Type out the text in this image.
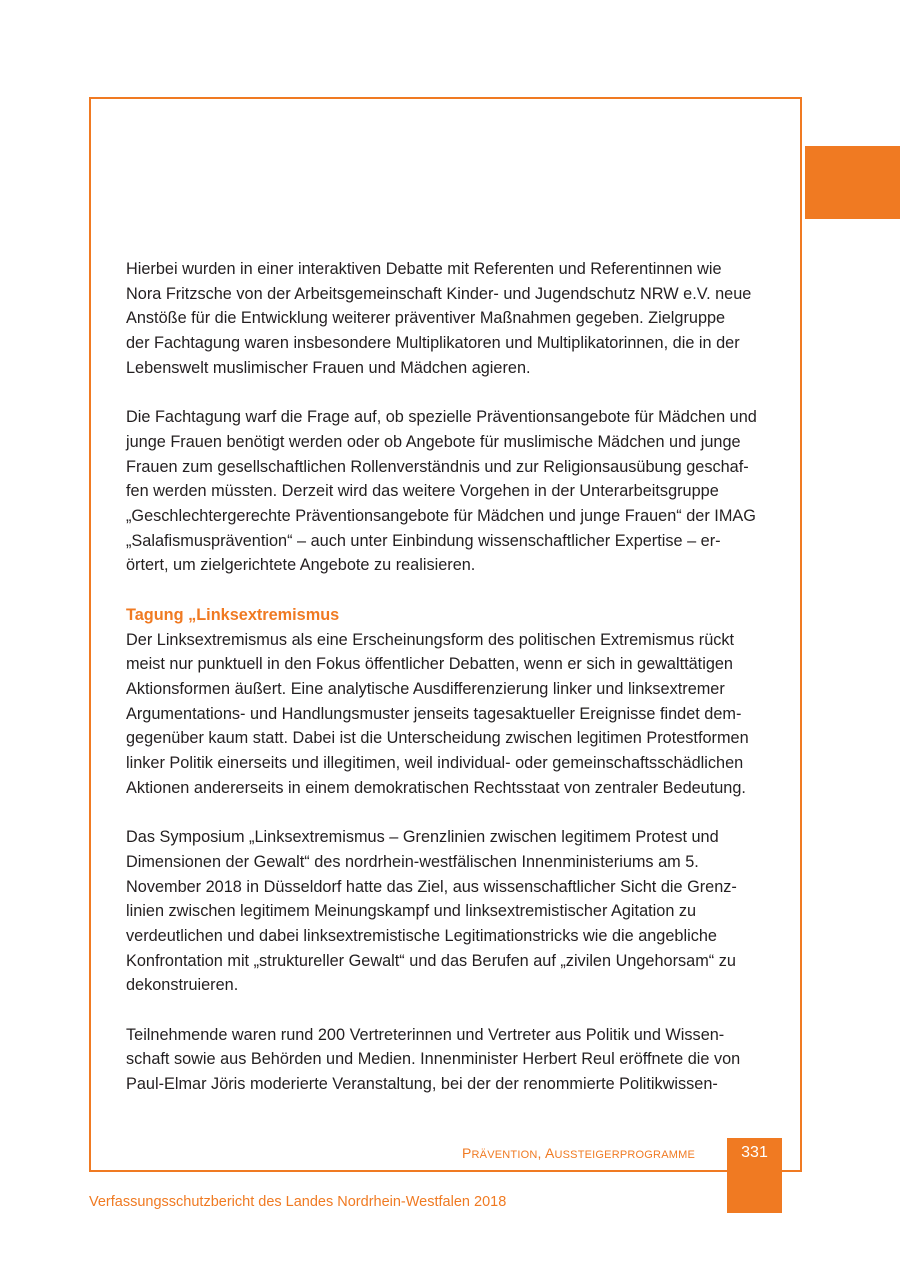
Hierbei wurden in einer interaktiven Debatte mit Referenten und Referentinnen wie
Nora Fritzsche von der Arbeitsgemeinschaft Kinder- und Jugendschutz NRW e.V. neue
Anstöße für die Entwicklung weiterer präventiver Maßnahmen gegeben. Zielgruppe
der Fachtagung waren insbesondere Multiplikatoren und Multiplikatorinnen, die in der
Lebenswelt muslimischer Frauen und Mädchen agieren.

Die Fachtagung warf die Frage auf, ob spezielle Präventionsangebote für Mädchen und
junge Frauen benötigt werden oder ob Angebote für muslimische Mädchen und junge
Frauen zum gesellschaftlichen Rollenverständnis und zur Religionsausübung geschaf-
fen werden müssten. Derzeit wird das weitere Vorgehen in der Unterarbeitsgruppe
„Geschlechtergerechte Präventionsangebote für Mädchen und junge Frauen“ der IMAG
„Salafismusprävention“ – auch unter Einbindung wissenschaftlicher Expertise – er-
örtert, um zielgerichtete Angebote zu realisieren.

Tagung „Linksextremismus
Der Linksextremismus als eine Erscheinungsform des politischen Extremismus rückt
meist nur punktuell in den Fokus öffentlicher Debatten, wenn er sich in gewalttätigen
Aktionsformen äußert. Eine analytische Ausdifferenzierung linker und linksextremer
Argumentations- und Handlungsmuster jenseits tagesaktueller Ereignisse findet dem-
gegenüber kaum statt. Dabei ist die Unterscheidung zwischen legitimen Protestformen
linker Politik einerseits und illegitimen, weil individual- oder gemeinschaftsschädlichen
Aktionen andererseits in einem demokratischen Rechtsstaat von zentraler Bedeutung.

Das Symposium „Linksextremismus – Grenzlinien zwischen legitimem Protest und
Dimensionen der Gewalt“ des nordrhein-westfälischen Innenministeriums am 5.
November 2018 in Düsseldorf hatte das Ziel, aus wissenschaftlicher Sicht die Grenz-
linien zwischen legitimem Meinungskampf und linksextremistischer Agitation zu
verdeutlichen und dabei linksextremistische Legitimationstricks wie die angebliche
Konfrontation mit „struktureller Gewalt“ und das Berufen auf „zivilen Ungehorsam“ zu
dekonstruieren.

Teilnehmende waren rund 200 Vertreterinnen und Vertreter aus Politik und Wissen-
schaft sowie aus Behörden und Medien. Innenminister Herbert Reul eröffnete die von
Paul-Elmar Jöris moderierte Veranstaltung, bei der der renommierte Politikwissen-

PRÄVENTION, AUSSTEIGERPROGRAMME	331
Verfassungsschutzbericht des Landes Nordrhein-Westfalen 2018
